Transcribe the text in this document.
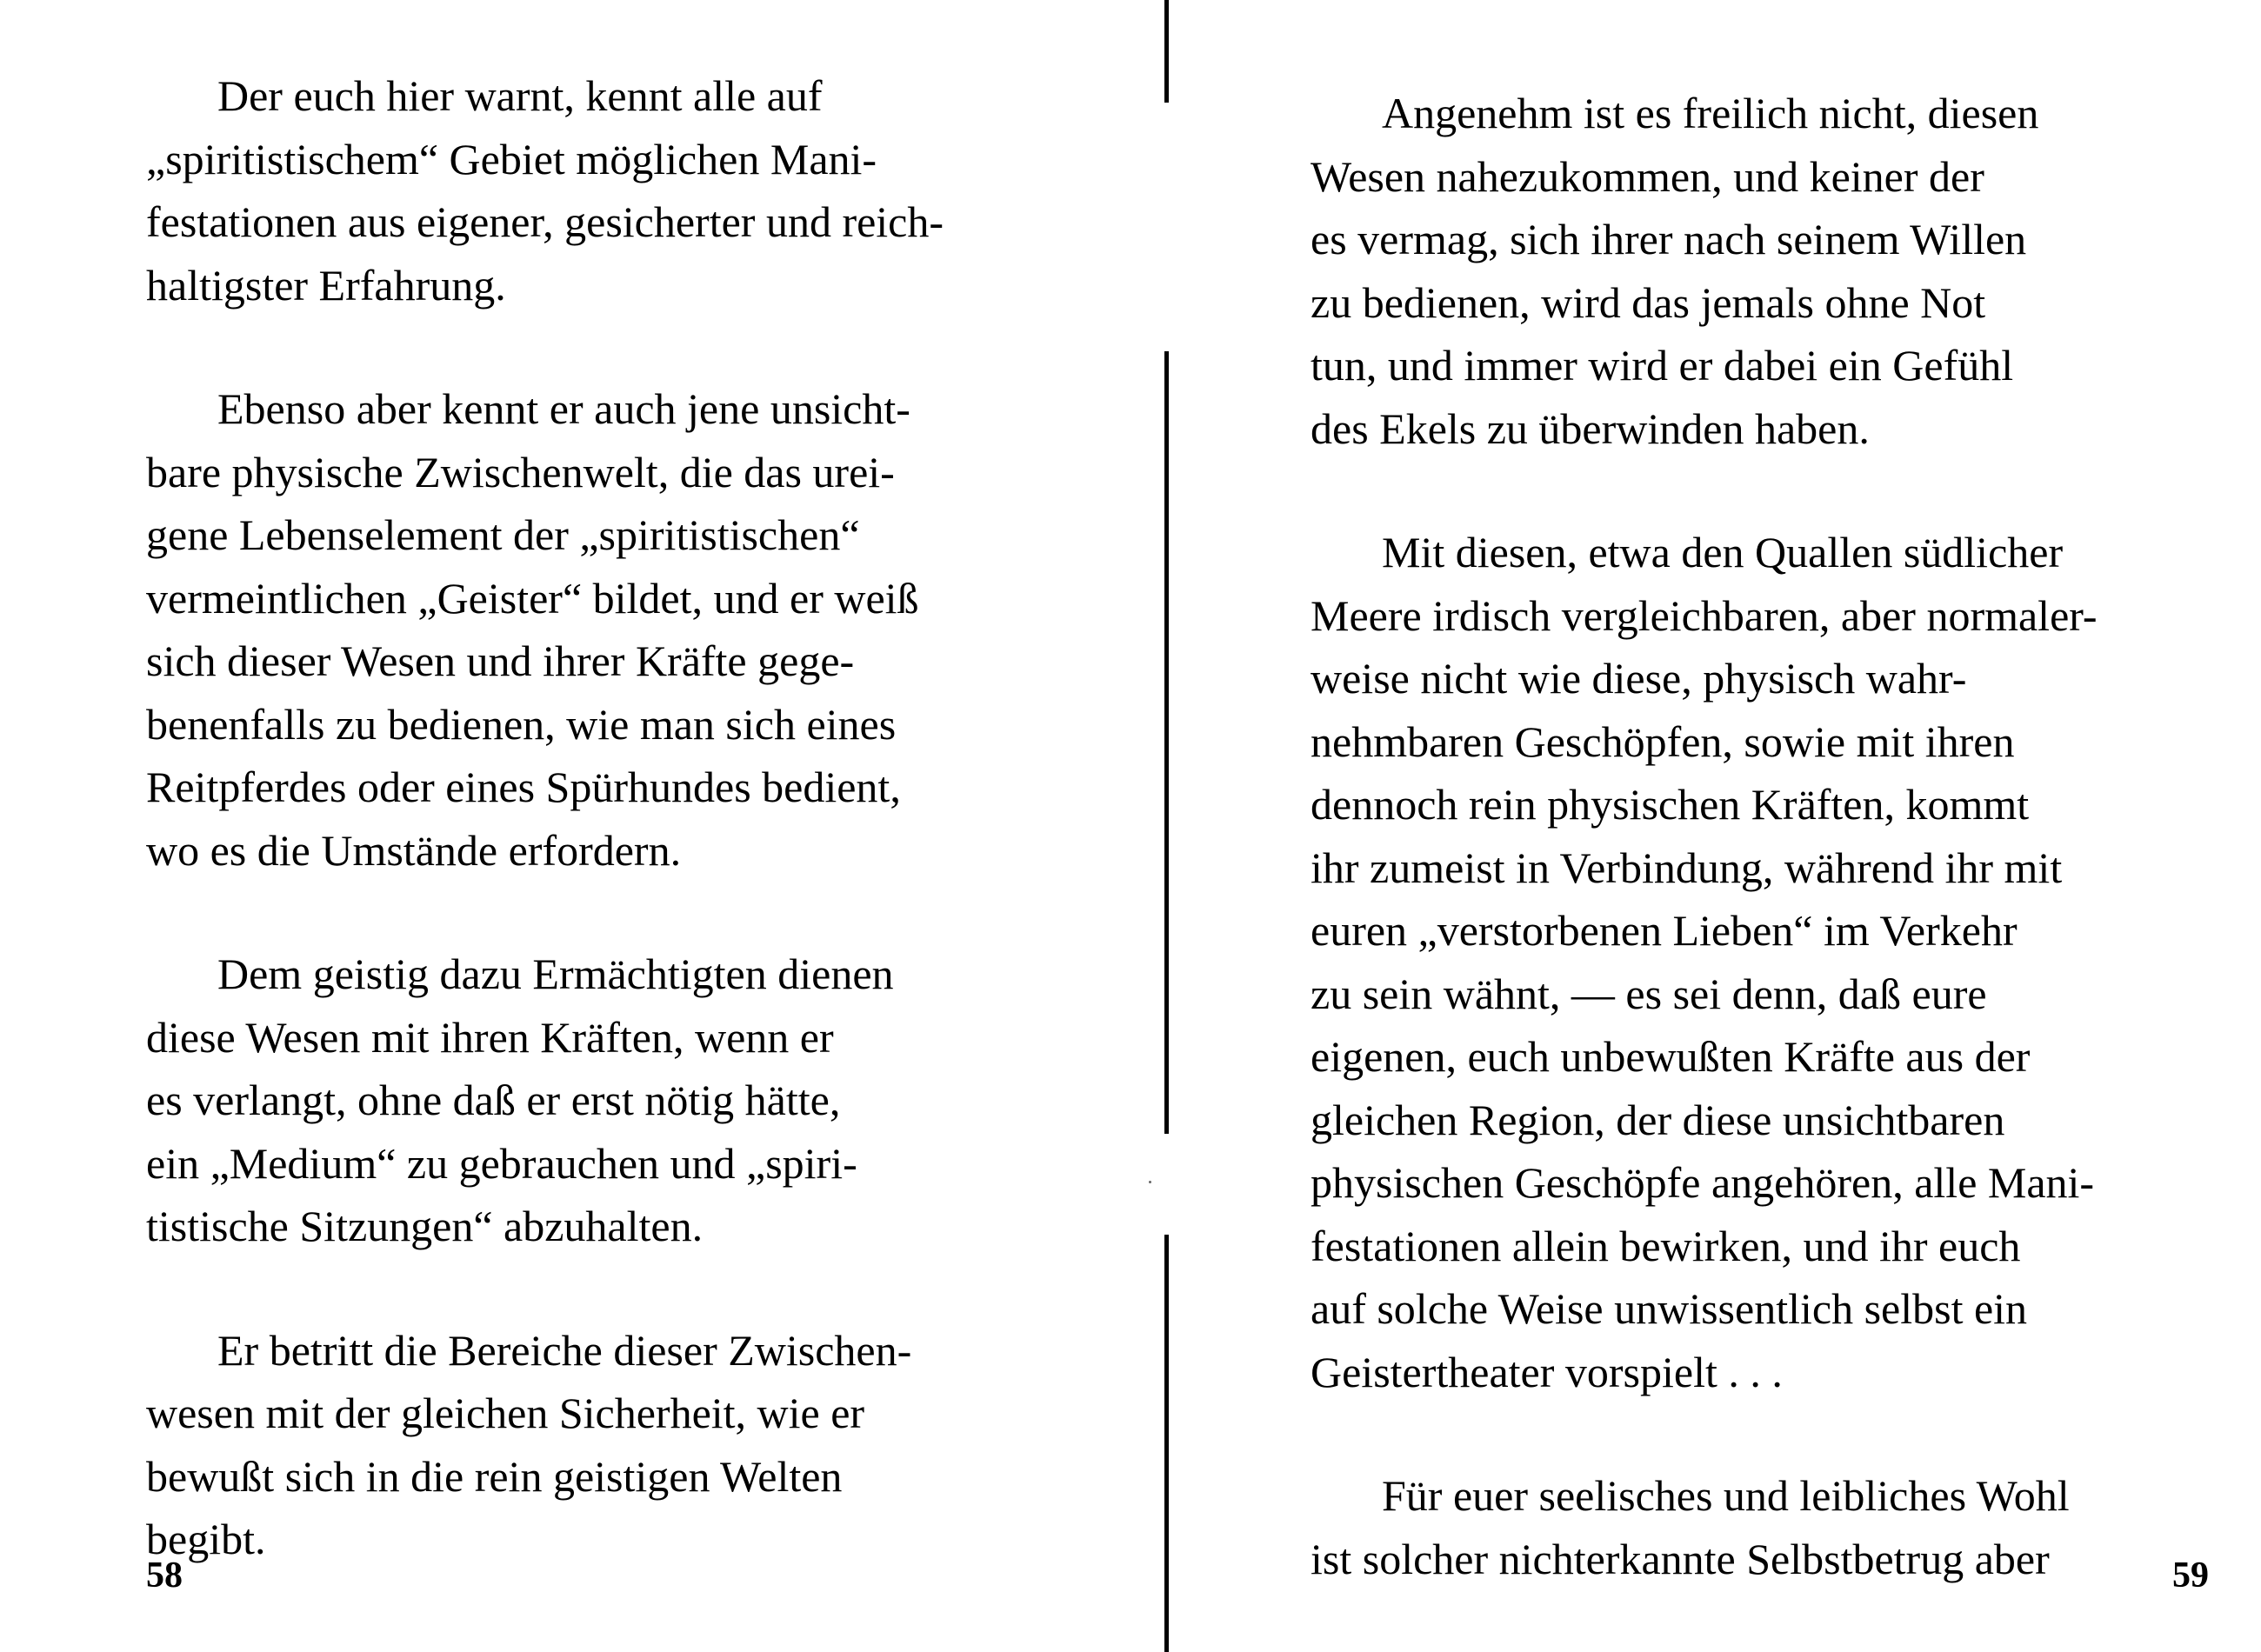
Der euch hier warnt, kennt alle auf
„spiritistischem“ Gebiet möglichen Mani-
festationen aus eigener, gesicherter und reich-
haltigster Erfahrung.

Ebenso aber kennt er auch jene unsicht-
bare physische Zwischenwelt, die das urei-
gene Lebenselement der „spiritistischen“
vermeintlichen „Geister“ bildet, und er weiß
sich dieser Wesen und ihrer Kräfte gege-
benenfalls zu bedienen, wie man sich eines
Reitpferdes oder eines Spürhundes bedient,
wo es die Umstände erfordern.

Dem geistig dazu Ermächtigten dienen
diese Wesen mit ihren Kräften, wenn er
es verlangt, ohne daß er erst nötig hätte,
ein „Medium“ zu gebrauchen und „spiri-
tistische Sitzungen“ abzuhalten.

Er betritt die Bereiche dieser Zwischen-
wesen mit der gleichen Sicherheit, wie er
bewußt sich in die rein geistigen Welten
begibt.

58

Angenehm ist es freilich nicht, diesen
Wesen nahezukommen, und keiner der
es vermag, sich ihrer nach seinem Willen
zu bedienen, wird das jemals ohne Not
tun, und immer wird er dabei ein Gefühl
des Ekels zu überwinden haben.

Mit diesen, etwa den Quallen südlicher
Meere irdisch vergleichbaren, aber normaler-
weise nicht wie diese, physisch wahr-
nehmbaren Geschöpfen, sowie mit ihren
dennoch rein physischen Kräften, kommt
ihr zumeist in Verbindung, während ihr mit
euren „verstorbenen Lieben“ im Verkehr
zu sein wähnt, — es sei denn, daß eure
eigenen, euch unbewußten Kräfte aus der
gleichen Region, der diese unsichtbaren
physischen Geschöpfe angehören, alle Mani-
festationen allein bewirken, und ihr euch
auf solche Weise unwissentlich selbst ein
Geistertheater vorspielt . . .

Für euer seelisches und leibliches Wohl
ist solcher nichterkannte Selbstbetrug aber	59
